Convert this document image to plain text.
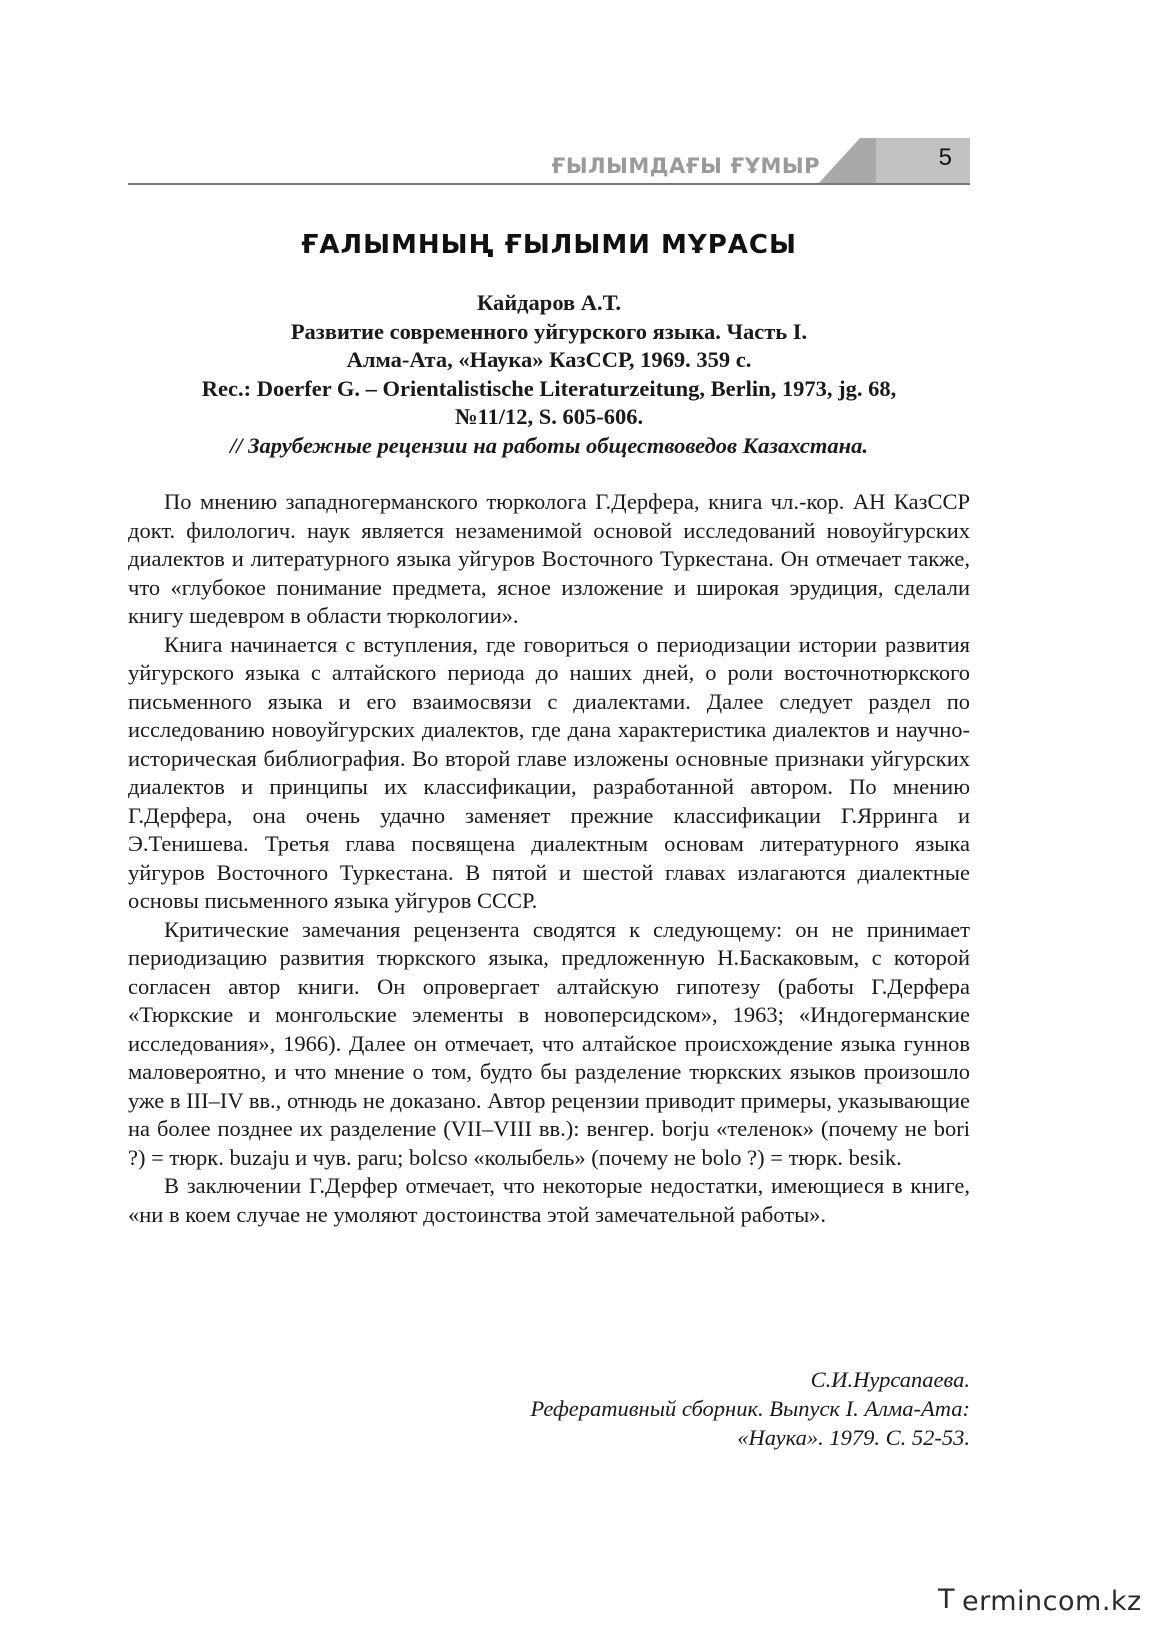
ҒЫЛЫМДАҒЫ ҒҰМЫР	5
ҒАЛЫМНЫҢ ҒЫЛЫМИ МҰРАСЫ
Кайдаров А.Т.
Развитие современного уйгурского языка. Часть I.
Алма-Ата, «Наука» КазССР, 1969. 359 с.
Rec.: Doerfer G. – Orientalistische Literaturzeitung, Berlin, 1973, jg. 68,
№11/12, S. 605-606.
// Зарубежные рецензии на работы обществоведов Казахстана.

По мнению западногерманского тюрколога Г.Дерфера, книга чл.-кор. АН КазССР докт. филологич. наук является незаменимой основой исследований новоуйгурских диалектов и литературного языка уйгуров Восточного Туркестана. Он отмечает также, что «глубокое понимание предмета, ясное изложение и широкая эрудиция, сделали книгу шедевром в области тюркологии».

Книга начинается с вступления, где говориться о периодизации истории развития уйгурского языка с алтайского периода до наших дней, о роли восточнотюркского письменного языка и его взаимосвязи с диалектами. Далее следует раздел по исследованию новоуйгурских диалектов, где дана характеристика диалектов и научно-историческая библиография. Во второй главе изложены основные признаки уйгурских диалектов и принципы их классификации, разработанной автором. По мнению Г.Дерфера, она очень удачно заменяет прежние классификации Г.Ярринга и Э.Тенишева. Третья глава посвящена диалектным основам литературного языка уйгуров Восточного Туркестана. В пятой и шестой главах излагаются диалектные основы письменного языка уйгуров СССР.

Критические замечания рецензента сводятся к следующему: он не принимает периодизацию развития тюркского языка, предложенную Н.Баскаковым, с которой согласен автор книги. Он опровергает алтайскую гипотезу (работы Г.Дерфера «Тюркские и монгольские элементы в новоперсидском», 1963; «Индогерманские исследования», 1966). Далее он отмечает, что алтайское происхождение языка гуннов маловероятно, и что мнение о том, будто бы разделение тюркских языков произошло уже в III–IV вв., отнюдь не доказано. Автор рецензии приводит примеры, указывающие на более позднее их разделение (VII–VIII вв.): венгер. borju «теленок» (почему не bori ?) = тюрк. buzaju и чув. paru; bolcso «колыбель» (почему не bolo ?) = тюрк. besik.

В заключении Г.Дерфер отмечает, что некоторые недостатки, имеющиеся в книге, «ни в коем случае не умоляют достоинства этой замечательной работы».

С.И.Нурсапаева.
Реферативный сборник. Выпуск I. Алма-Ата:
«Наука». 1979. С. 52-53.
T ermincom.kz
